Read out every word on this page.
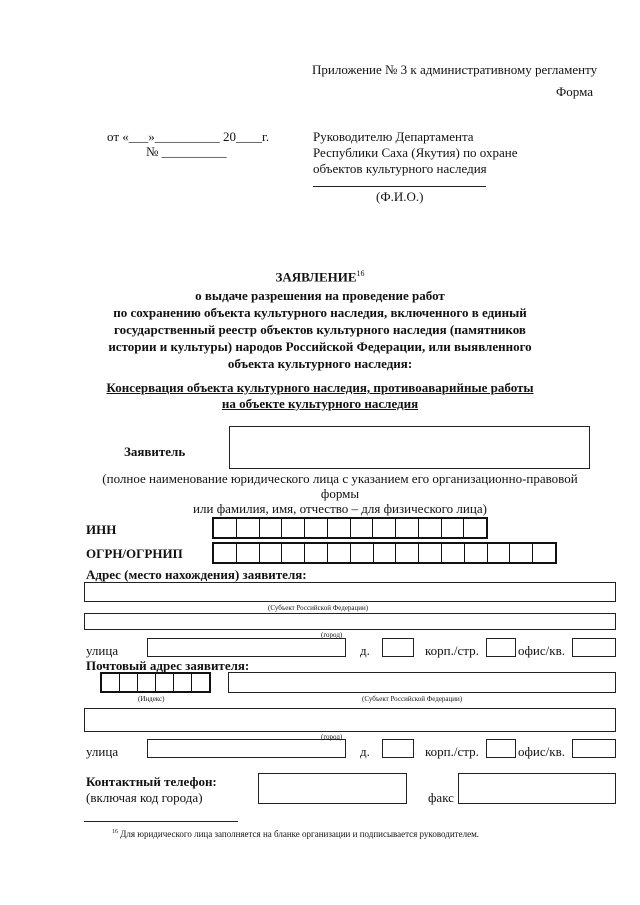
Приложение № 3 к административному регламенту
Форма
от «___»__________ 20____г.
№ __________
Руководителю Департамента
Республики Саха (Якутия) по охране
объектов культурного наследия
(Ф.И.О.)
ЗАЯВЛЕНИЕ$^{16}$
о выдаче разрешения на проведение работ
по сохранению объекта культурного наследия, включенного в единый
государственный реестр объектов культурного наследия (памятников
истории и культуры) народов Российской Федерации, или выявленного
объекта культурного наследия:
Консервация объекта культурного наследия, противоаварийные работы
на объекте культурного наследия
Заявитель
(полное наименование юридического лица с указанием его организационно-правовой
формы
или фамилия, имя, отчество – для физического лица)
ИНН
ОГРН/ОГРНИП
Адрес (место нахождения) заявителя:
(Субъект Российской Федерации)
(город)
улица	д.	корп./стр.	офис/кв.
Почтовый адрес заявителя:
(Индекс)	(Субъект Российской Федерации)
(город)
улица	д.	корп./стр.	офис/кв.
Контактный телефон:
(включая код города)	факс
$^{16}$ Для юридического лица заполняется на бланке организации и подписывается руководителем.
